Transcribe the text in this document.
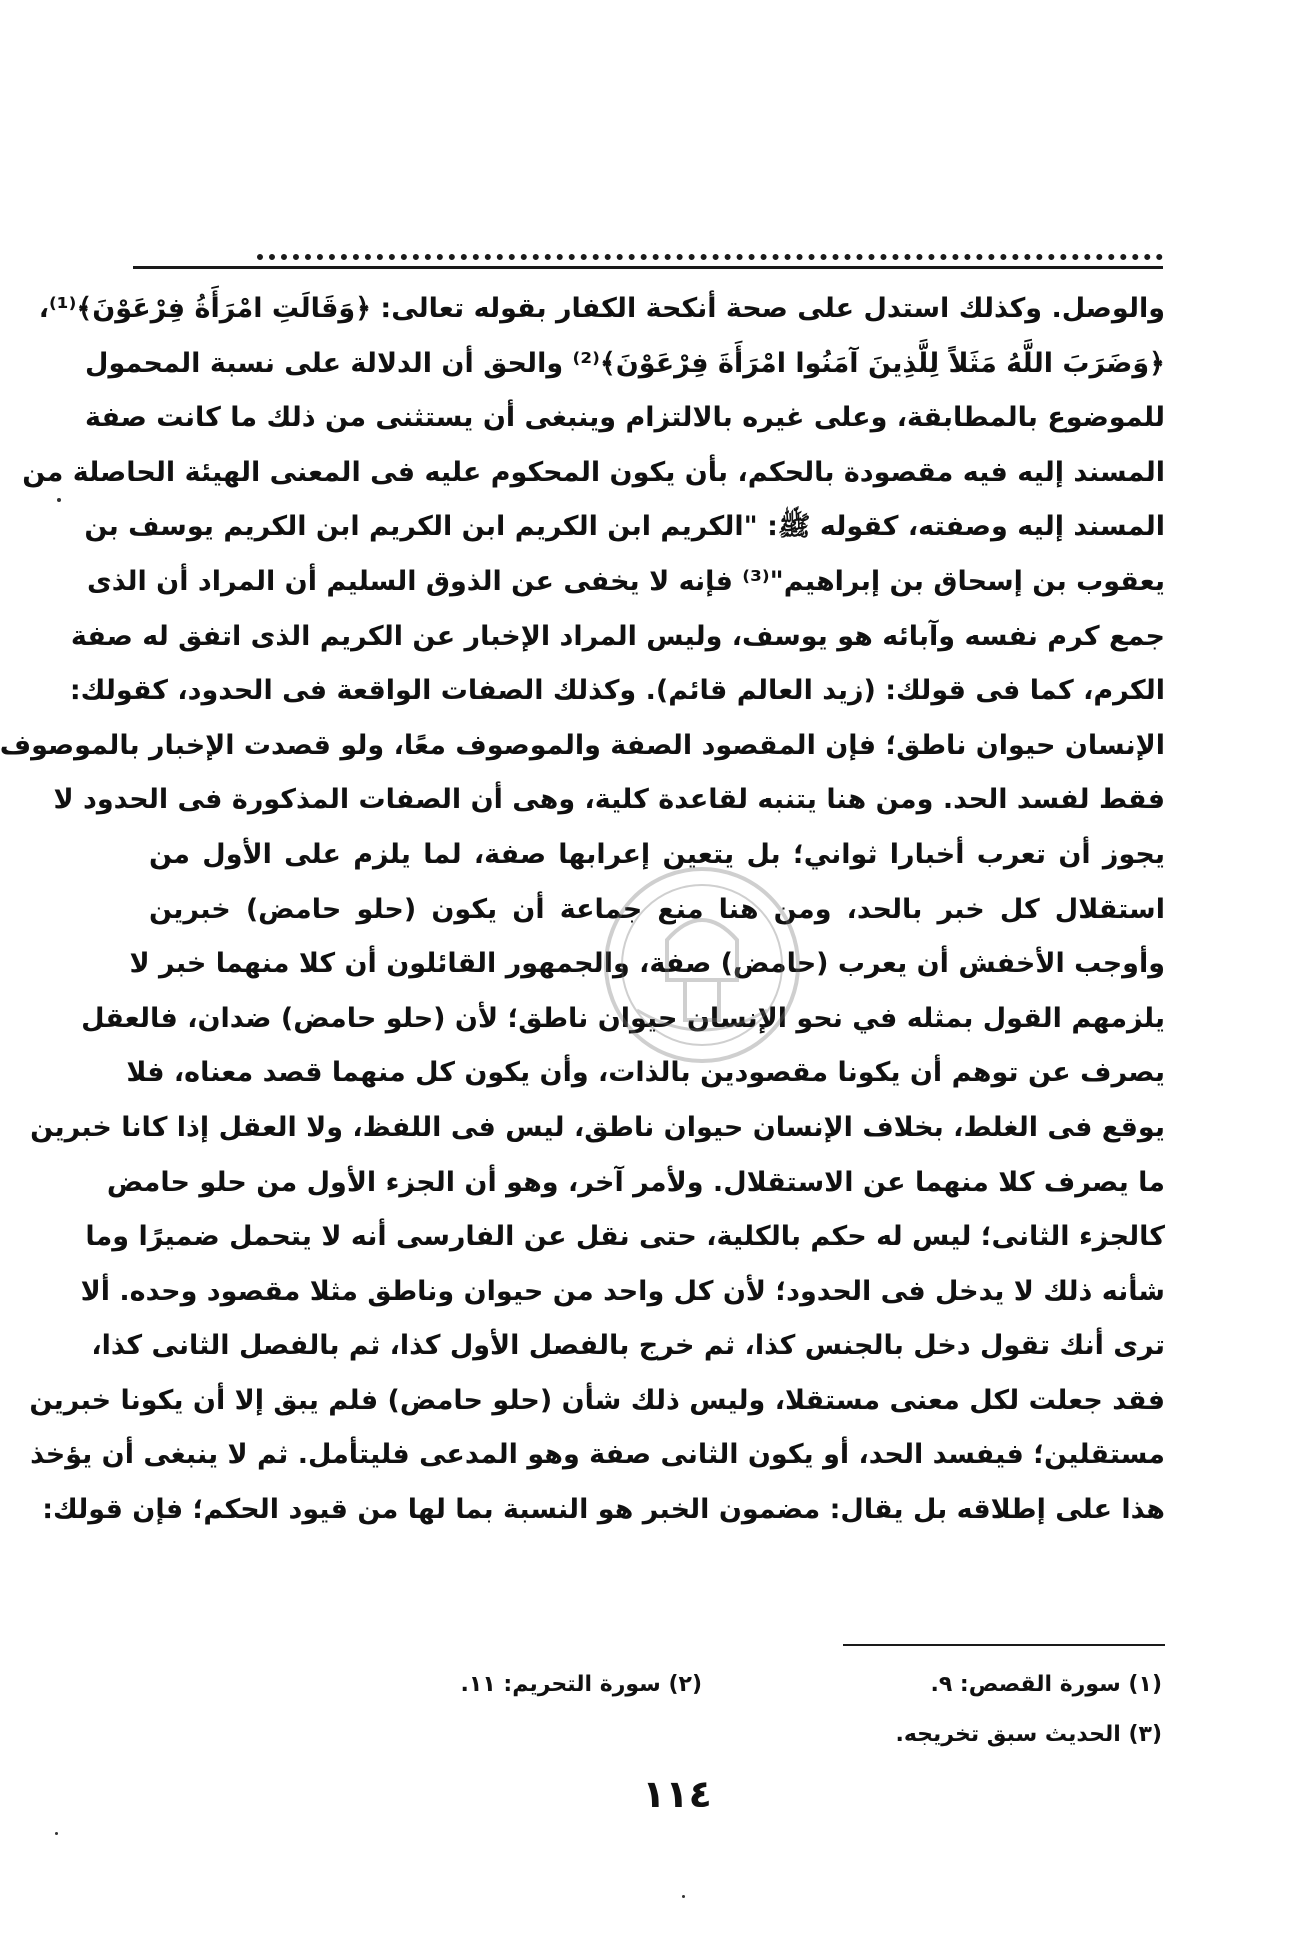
والوصل. وكذلك استدل على صحة أنكحة الكفار بقوله تعالى: ﴿وَقَالَتِ امْرَأَةُ فِرْعَوْنَ﴾⁽¹⁾،
﴿وَضَرَبَ اللَّهُ مَثَلاً لِلَّذِينَ آمَنُوا امْرَأَةَ فِرْعَوْنَ﴾⁽²⁾ والحق أن الدلالة على نسبة المحمول
للموضوع بالمطابقة، وعلى غيره بالالتزام وينبغى أن يستثنى من ذلك ما كانت صفة
المسند إليه فيه مقصودة بالحكم، بأن يكون المحكوم عليه فى المعنى الهيئة الحاصلة من
المسند إليه وصفته، كقوله ﷺ: "الكريم ابن الكريم ابن الكريم ابن الكريم يوسف بن
يعقوب بن إسحاق بن إبراهيم"⁽³⁾ فإنه لا يخفى عن الذوق السليم أن المراد أن الذى
جمع كرم نفسه وآبائه هو يوسف، وليس المراد الإخبار عن الكريم الذى اتفق له صفة
الكرم، كما فى قولك: (زيد العالم قائم). وكذلك الصفات الواقعة فى الحدود، كقولك:
الإنسان حيوان ناطق؛ فإن المقصود الصفة والموصوف معًا، ولو قصدت الإخبار بالموصوف
فقط لفسد الحد. ومن هنا يتنبه لقاعدة كلية، وهى أن الصفات المذكورة فى الحدود لا
يجوز أن تعرب أخبارا ثواني؛ بل يتعين إعرابها صفة، لما يلزم على الأول من
استقلال كل خبر بالحد، ومن هنا منع جماعة أن يكون (حلو حامض) خبرين
وأوجب الأخفش أن يعرب (حامض) صفة، والجمهور القائلون أن كلا منهما خبر لا
يلزمهم القول بمثله في نحو الإنسان حيوان ناطق؛ لأن (حلو حامض) ضدان، فالعقل
يصرف عن توهم أن يكونا مقصودين بالذات، وأن يكون كل منهما قصد معناه، فلا
يوقع فى الغلط، بخلاف الإنسان حيوان ناطق، ليس فى اللفظ، ولا العقل إذا كانا خبرين
ما يصرف كلا منهما عن الاستقلال. ولأمر آخر، وهو أن الجزء الأول من حلو حامض
كالجزء الثانى؛ ليس له حكم بالكلية، حتى نقل عن الفارسى أنه لا يتحمل ضميرًا وما
شأنه ذلك لا يدخل فى الحدود؛ لأن كل واحد من حيوان وناطق مثلا مقصود وحده. ألا
ترى أنك تقول دخل بالجنس كذا، ثم خرج بالفصل الأول كذا، ثم بالفصل الثانى كذا،
فقد جعلت لكل معنى مستقلا، وليس ذلك شأن (حلو حامض) فلم يبق إلا أن يكونا خبرين
مستقلين؛ فيفسد الحد، أو يكون الثانى صفة وهو المدعى فليتأمل. ثم لا ينبغى أن يؤخذ
هذا على إطلاقه بل يقال: مضمون الخبر هو النسبة بما لها من قيود الحكم؛ فإن قولك:
(١) سورة القصص: ٩.
(٢) سورة التحريم: ١١.
(٣) الحديث سبق تخريجه.
١١٤
